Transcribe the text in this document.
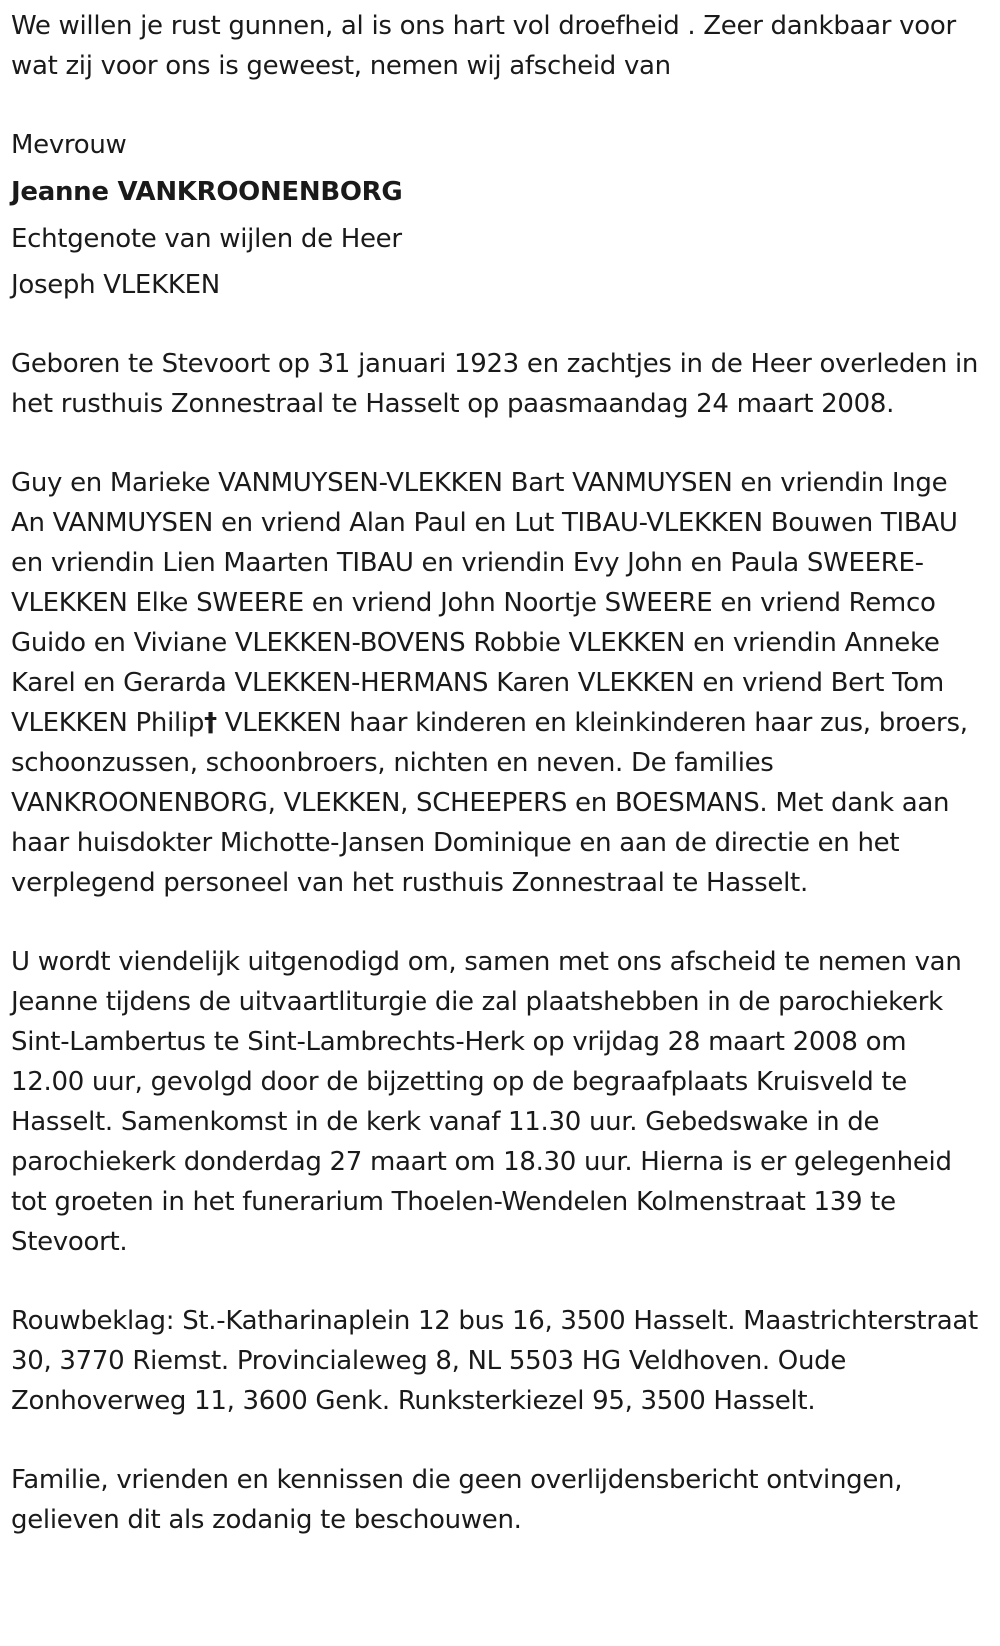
We willen je rust gunnen, al is ons hart vol droefheid . Zeer dankbaar voor wat zij voor ons is geweest, nemen wij afscheid van

Mevrouw
Jeanne VANKROONENBORG
Echtgenote van wijlen de Heer
Joseph VLEKKEN

Geboren te Stevoort op 31 januari 1923 en zachtjes in de Heer overleden in het rusthuis Zonnestraal te Hasselt op paasmaandag 24 maart 2008.

Guy en Marieke VANMUYSEN-VLEKKEN Bart VANMUYSEN en vriendin Inge An VANMUYSEN en vriend Alan Paul en Lut TIBAU-VLEKKEN Bouwen TIBAU en vriendin Lien Maarten TIBAU en vriendin Evy John en Paula SWEERE-VLEKKEN Elke SWEERE en vriend John Noortje SWEERE en vriend Remco Guido en Viviane VLEKKEN-BOVENS Robbie VLEKKEN en vriendin Anneke Karel en Gerarda VLEKKEN-HERMANS Karen VLEKKEN en vriend Bert Tom VLEKKEN Philip† VLEKKEN haar kinderen en kleinkinderen haar zus, broers, schoonzussen, schoonbroers, nichten en neven. De families VANKROONENBORG, VLEKKEN, SCHEEPERS en BOESMANS. Met dank aan haar huisdokter Michotte-Jansen Dominique en aan de directie en het verplegend personeel van het rusthuis Zonnestraal te Hasselt.

U wordt viendelijk uitgenodigd om, samen met ons afscheid te nemen van Jeanne tijdens de uitvaartliturgie die zal plaatshebben in de parochiekerk Sint-Lambertus te Sint-Lambrechts-Herk op vrijdag 28 maart 2008 om 12.00 uur, gevolgd door de bijzetting op de begraafplaats Kruisveld te Hasselt. Samenkomst in de kerk vanaf 11.30 uur. Gebedswake in de parochiekerk donderdag 27 maart om 18.30 uur. Hierna is er gelegenheid tot groeten in het funerarium Thoelen-Wendelen Kolmenstraat 139 te Stevoort.

Rouwbeklag: St.-Katharinaplein 12 bus 16, 3500 Hasselt. Maastrichterstraat 30, 3770 Riemst. Provincialeweg 8, NL 5503 HG Veldhoven. Oude Zonhoverweg 11, 3600 Genk. Runksterkiezel 95, 3500 Hasselt.

Familie, vrienden en kennissen die geen overlijdensbericht ontvingen, gelieven dit als zodanig te beschouwen.
